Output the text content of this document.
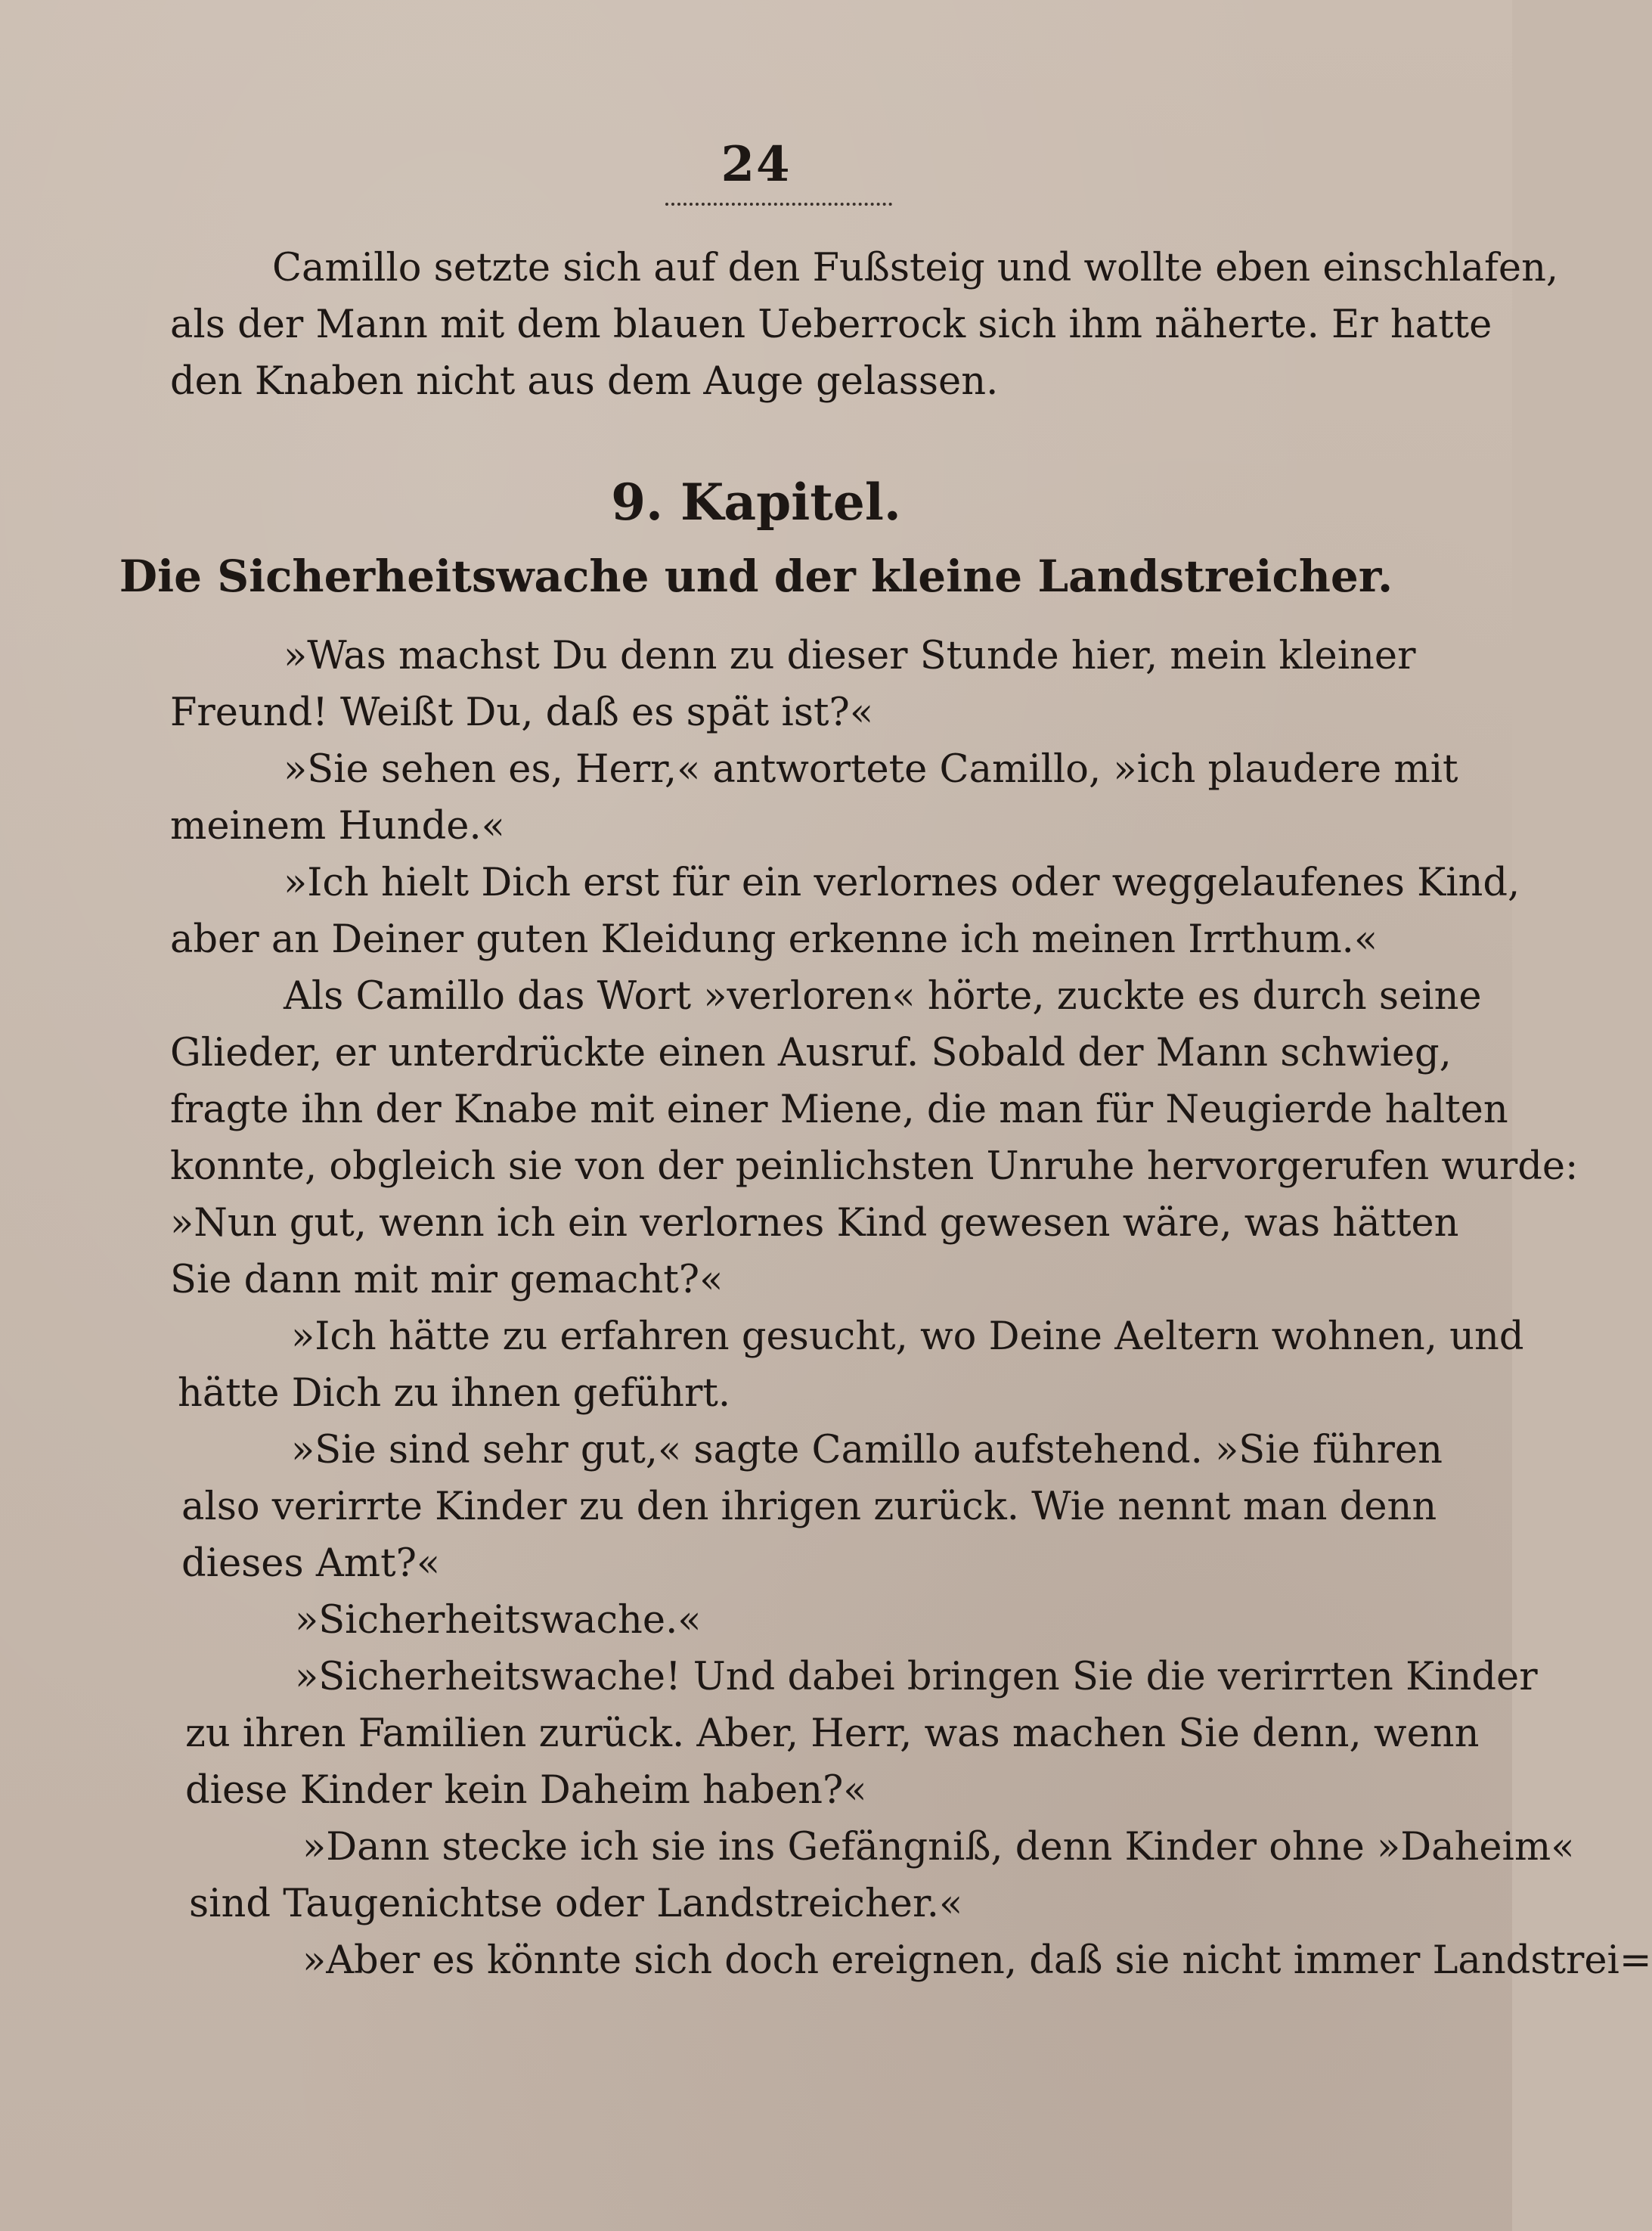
24
Camillo setzte sich auf den Fußsteig und wollte eben einschlafen,
als der Mann mit dem blauen Ueberrock sich ihm näherte. Er hatte
den Knaben nicht aus dem Auge gelassen.
9. Kapitel.
Die Sicherheitswache und der kleine Landstreicher.
»Was machst Du denn zu dieser Stunde hier, mein kleiner
Freund! Weißt Du, daß es spät ist?«
»Sie sehen es, Herr,« antwortete Camillo, »ich plaudere mit
meinem Hunde.«
»Ich hielt Dich erst für ein verlornes oder weggelaufenes Kind,
aber an Deiner guten Kleidung erkenne ich meinen Irrthum.«
Als Camillo das Wort »verloren« hörte, zuckte es durch seine
Glieder, er unterdrückte einen Ausruf. Sobald der Mann schwieg,
fragte ihn der Knabe mit einer Miene, die man für Neugierde halten
konnte, obgleich sie von der peinlichsten Unruhe hervorgerufen wurde:
»Nun gut, wenn ich ein verlornes Kind gewesen wäre, was hätten
Sie dann mit mir gemacht?«
»Ich hätte zu erfahren gesucht, wo Deine Aeltern wohnen, und
hätte Dich zu ihnen geführt.
»Sie sind sehr gut,« sagte Camillo aufstehend. »Sie führen
also verirrte Kinder zu den ihrigen zurück. Wie nennt man denn
dieses Amt?«
»Sicherheitswache.«
»Sicherheitswache! Und dabei bringen Sie die verirrten Kinder
zu ihren Familien zurück. Aber, Herr, was machen Sie denn, wenn
diese Kinder kein Daheim haben?«
»Dann stecke ich sie ins Gefängniß, denn Kinder ohne »Daheim«
sind Taugenichtse oder Landstreicher.«
»Aber es könnte sich doch ereignen, daß sie nicht immer Landstrei=
